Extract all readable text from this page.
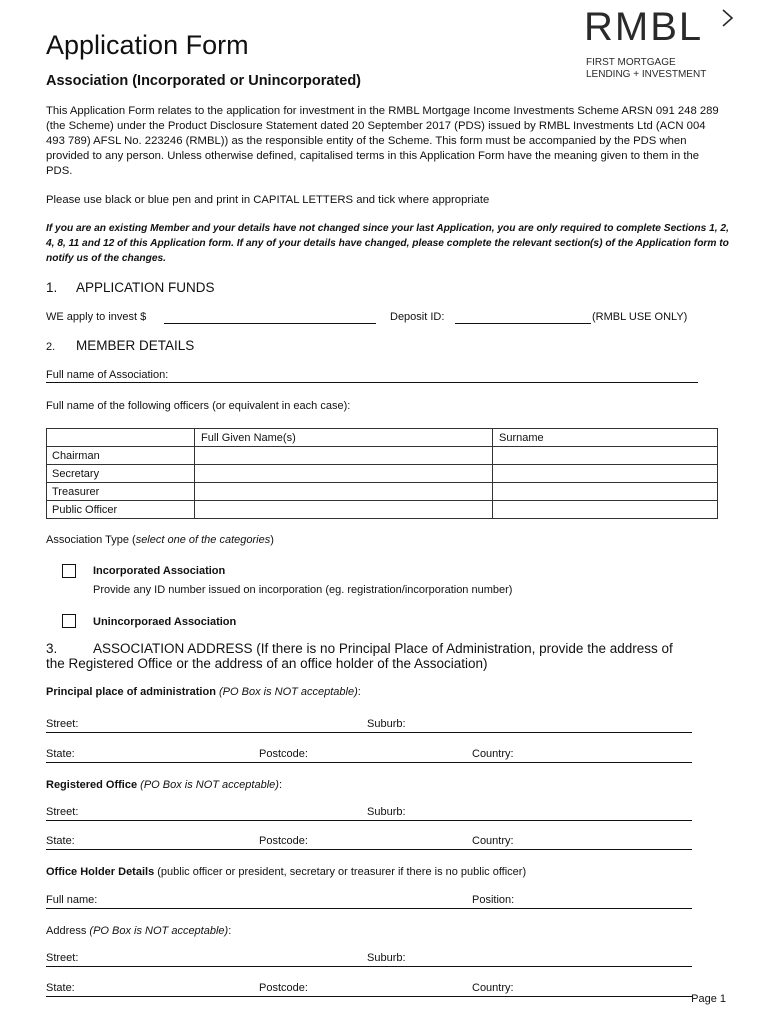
Application Form
Association (Incorporated or Unincorporated)
RMBL
FIRST MORTGAGE
LENDING + INVESTMENT

This Application Form relates to the application for investment in the RMBL Mortgage Income Investments Scheme ARSN 091 248 289 (the Scheme) under the Product Disclosure Statement dated 20 September 2017 (PDS) issued by RMBL Investments Ltd (ACN 004 493 789) AFSL No. 223246 (RMBL)) as the responsible entity of the Scheme. This form must be accompanied by the PDS when provided to any person. Unless otherwise defined, capitalised terms in this Application Form have the meaning given to them in the PDS.

Please use black or blue pen and print in CAPITAL LETTERS and tick where appropriate
If you are an existing Member and your details have not changed since your last Application, you are only required to complete Sections 1, 2, 4, 8, 11 and 12 of this Application form. If any of your details have changed, please complete the relevant section(s) of the Application form to notify us of the changes.
1. APPLICATION FUNDS
WE apply to invest $	Deposit ID:	(RMBL USE ONLY)
2. MEMBER DETAILS
Full name of Association:
Full name of the following officers (or equivalent in each case):
	Full Given Name(s)	Surname
Chairman		
Secretary		
Treasurer		
Public Officer		
Association Type (select one of the categories)
Incorporated Association
Provide any ID number issued on incorporation (eg. registration/incorporation number)
Unincorporaed Association
3.	ASSOCIATION ADDRESS (If there is no Principal Place of Administration, provide the address of
the Registered Office or the address of an office holder of the Association)
Principal place of administration (PO Box is NOT acceptable):
Street:	Suburb:
State:	Postcode:	Country:
Registered Office (PO Box is NOT acceptable):
Street:	Suburb:
State:	Postcode:	Country:
Office Holder Details (public officer or president, secretary or treasurer if there is no public officer)
Full name:	Position:
Address (PO Box is NOT acceptable):
Street:	Suburb:
State:	Postcode:	Country:
Page 1
